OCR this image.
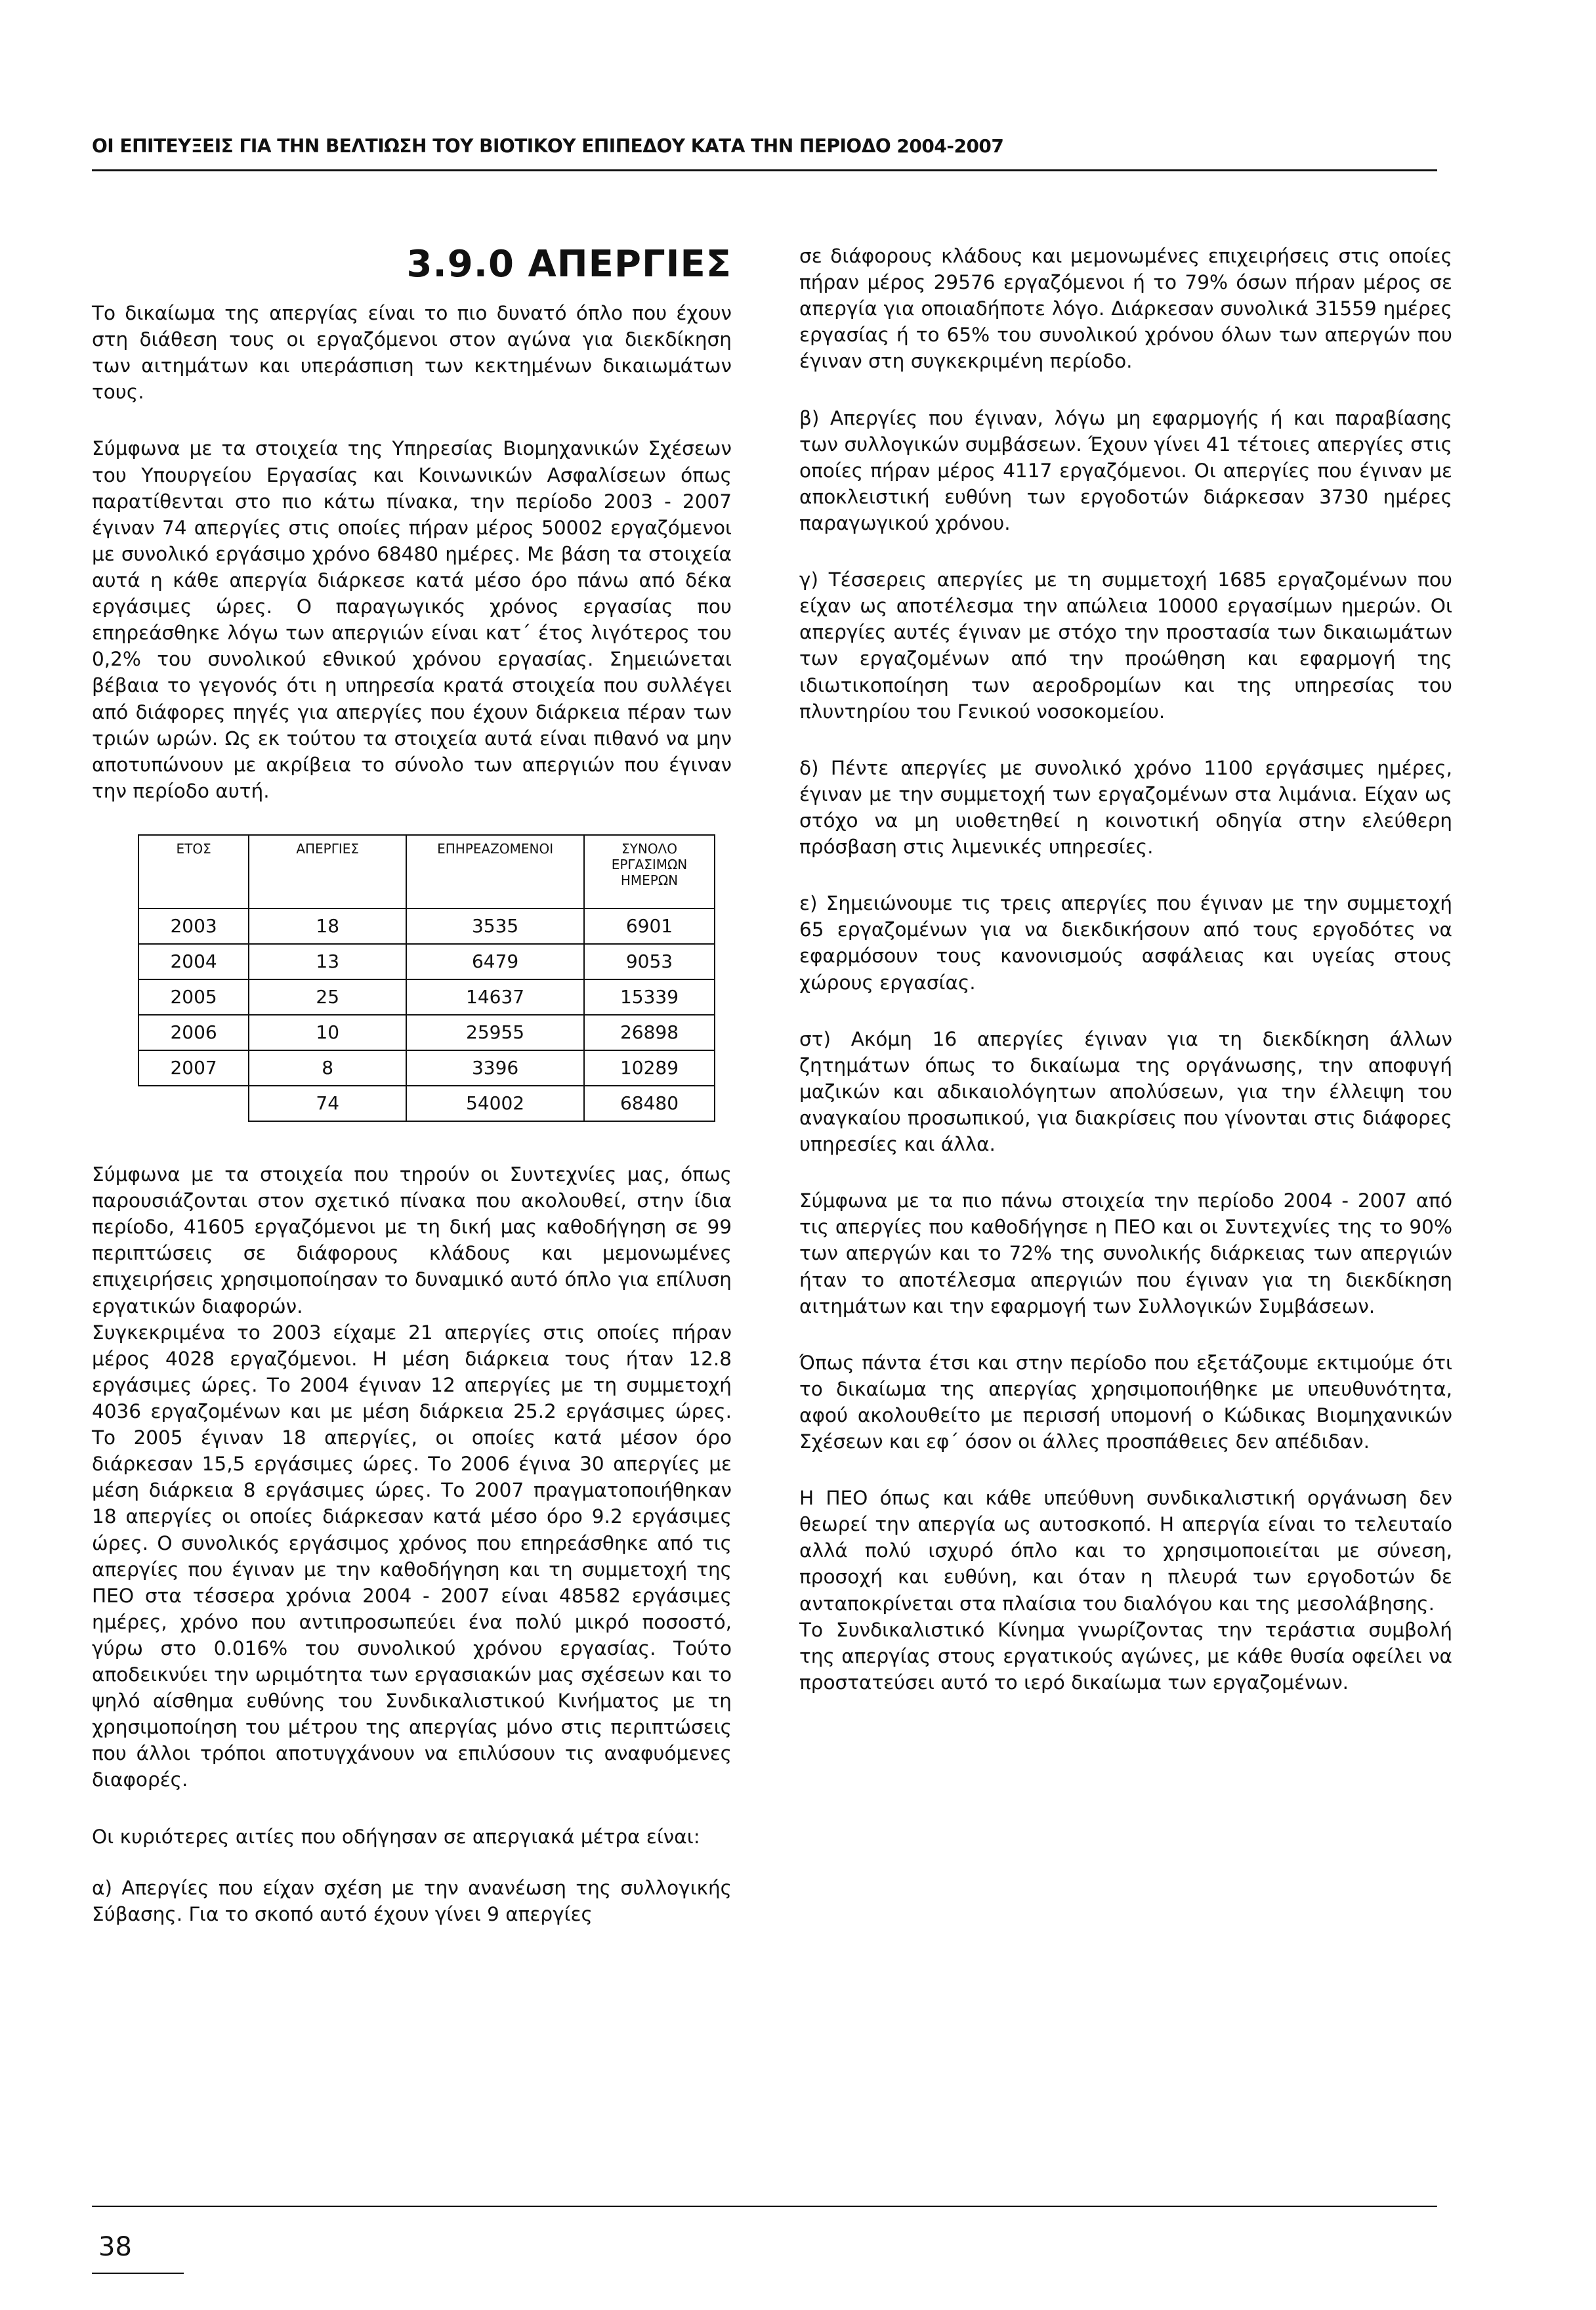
ΟΙ ΕΠΙΤΕΥΞΕΙΣ ΓΙΑ ΤΗΝ ΒΕΛΤΙΩΣΗ ΤΟΥ ΒΙΟΤΙΚΟΥ ΕΠΙΠΕΔΟΥ ΚΑΤΑ ΤΗΝ ΠΕΡΙΟΔΟ 2004-2007
3.9.0 ΑΠΕΡΓΙΕΣ

Το δικαίωμα της απεργίας είναι το πιο δυνατό όπλο που έχουν στη διάθεση τους οι εργαζόμενοι στον αγώνα για διεκδίκηση των αιτημάτων και υπεράσπιση των κεκτημένων δικαιωμάτων τους.

Σύμφωνα με τα στοιχεία της Υπηρεσίας Βιομηχανικών Σχέσεων του Υπουργείου Εργασίας και Κοινωνικών Ασφαλίσεων όπως παρατίθενται στο πιο κάτω πίνακα, την περίοδο 2003 - 2007 έγιναν 74 απεργίες στις οποίες πήραν μέρος 50002 εργαζόμενοι με συνολικό εργάσιμο χρόνο 68480 ημέρες. Με βάση τα στοιχεία αυτά η κάθε απεργία διάρκεσε κατά μέσο όρο πάνω από δέκα εργάσιμες ώρες. Ο παραγωγικός χρόνος εργασίας που επηρεάσθηκε λόγω των απεργιών είναι κατ΄ έτος λιγότερος του 0,2% του συνολικού εθνικού χρόνου εργασίας. Σημειώνεται βέβαια το γεγονός ότι η υπηρεσία κρατά στοιχεία που συλλέγει από διάφορες πηγές για απεργίες που έχουν διάρκεια πέραν των τριών ωρών. Ως εκ τούτου τα στοιχεία αυτά είναι πιθανό να μην αποτυπώνουν με ακρίβεια το σύνολο των απεργιών που έγιναν την περίοδο αυτή.

ΕΤΟΣ	ΑΠΕΡΓΙΕΣ	ΕΠΗΡΕΑΖΟΜΕΝΟΙ	ΣΥΝΟΛΟ ΕΡΓΑΣΙΜΩΝ ΗΜΕΡΩΝ
2003	18	3535	6901
2004	13	6479	9053
2005	25	14637	15339
2006	10	25955	26898
2007	8	3396	10289
	74	54002	68480

Σύμφωνα με τα στοιχεία που τηρούν οι Συντεχνίες μας, όπως παρουσιάζονται στον σχετικό πίνακα που ακολουθεί, στην ίδια περίοδο, 41605 εργαζόμενοι με τη δική μας καθοδήγηση σε 99 περιπτώσεις σε διάφορους κλάδους και μεμονωμένες επιχειρήσεις χρησιμοποίησαν το δυναμικό αυτό όπλο για επίλυση εργατικών διαφορών.

Συγκεκριμένα το 2003 είχαμε 21 απεργίες στις οποίες πήραν μέρος 4028 εργαζόμενοι. Η μέση διάρκεια τους ήταν 12.8 εργάσιμες ώρες. Το 2004 έγιναν 12 απεργίες με τη συμμετοχή 4036 εργαζομένων και με μέση διάρκεια 25.2 εργάσιμες ώρες. Το 2005 έγιναν 18 απεργίες, οι οποίες κατά μέσον όρο διάρκεσαν 15,5 εργάσιμες ώρες. Το 2006 έγινα 30 απεργίες με μέση διάρκεια 8 εργάσιμες ώρες. Το 2007 πραγματοποιήθηκαν 18 απεργίες οι οποίες διάρκεσαν κατά μέσο όρο 9.2 εργάσιμες ώρες. Ο συνολικός εργάσιμος χρόνος που επηρεάσθηκε από τις απεργίες που έγιναν με την καθοδήγηση και τη συμμετοχή της ΠΕΟ στα τέσσερα χρόνια 2004 - 2007 είναι 48582 εργάσιμες ημέρες, χρόνο που αντιπροσωπεύει ένα πολύ μικρό ποσοστό, γύρω στο 0.016% του συνολικού χρόνου εργασίας. Τούτο αποδεικνύει την ωριμότητα των εργασιακών μας σχέσεων και το ψηλό αίσθημα ευθύνης του Συνδικαλιστικού Κινήματος με τη χρησιμοποίηση του μέτρου της απεργίας μόνο στις περιπτώσεις που άλλοι τρόποι αποτυγχάνουν να επιλύσουν τις αναφυόμενες διαφορές.

Οι κυριότερες αιτίες που οδήγησαν σε απεργιακά μέτρα είναι:

α) Απεργίες που είχαν σχέση με την ανανέωση της συλλογικής Σύβασης. Για το σκοπό αυτό έχουν γίνει 9 απεργίες

σε διάφορους κλάδους και μεμονωμένες επιχειρήσεις στις οποίες πήραν μέρος 29576 εργαζόμενοι ή το 79% όσων πήραν μέρος σε απεργία για οποιαδήποτε λόγο. Διάρκεσαν συνολικά 31559 ημέρες εργασίας ή το 65% του συνολικού χρόνου όλων των απεργών που έγιναν στη συγκεκριμένη περίοδο.

β) Απεργίες που έγιναν, λόγω μη εφαρμογής ή και παραβίασης των συλλογικών συμβάσεων. Έχουν γίνει 41 τέτοιες απεργίες στις οποίες πήραν μέρος 4117 εργαζόμενοι. Οι απεργίες που έγιναν με αποκλειστική ευθύνη των εργοδοτών διάρκεσαν 3730 ημέρες παραγωγικού χρόνου.

γ) Τέσσερεις απεργίες με τη συμμετοχή 1685 εργαζομένων που είχαν ως αποτέλεσμα την απώλεια 10000 εργασίμων ημερών. Οι απεργίες αυτές έγιναν με στόχο την προστασία των δικαιωμάτων των εργαζομένων από την προώθηση και εφαρμογή της ιδιωτικοποίηση των αεροδρομίων και της υπηρεσίας του πλυντηρίου του Γενικού νοσοκομείου.

δ) Πέντε απεργίες με συνολικό χρόνο 1100 εργάσιμες ημέρες, έγιναν με την συμμετοχή των εργαζομένων στα λιμάνια. Είχαν ως στόχο να μη υιοθετηθεί η κοινοτική οδηγία στην ελεύθερη πρόσβαση στις λιμενικές υπηρεσίες.

ε) Σημειώνουμε τις τρεις απεργίες που έγιναν με την συμμετοχή 65 εργαζομένων για να διεκδικήσουν από τους εργοδότες να εφαρμόσουν τους κανονισμούς ασφάλειας και υγείας στους χώρους εργασίας.

στ) Ακόμη 16 απεργίες έγιναν για τη διεκδίκηση άλλων ζητημάτων όπως το δικαίωμα της οργάνωσης, την αποφυγή μαζικών και αδικαιολόγητων απολύσεων, για την έλλειψη του αναγκαίου προσωπικού, για διακρίσεις που γίνονται στις διάφορες υπηρεσίες και άλλα.

Σύμφωνα με τα πιο πάνω στοιχεία την περίοδο 2004 - 2007 από τις απεργίες που καθοδήγησε η ΠΕΟ και οι Συντεχνίες της το 90% των απεργών και το 72% της συνολικής διάρκειας των απεργιών ήταν το αποτέλεσμα απεργιών που έγιναν για τη διεκδίκηση αιτημάτων και την εφαρμογή των Συλλογικών Συμβάσεων.

Όπως πάντα έτσι και στην περίοδο που εξετάζουμε εκτιμούμε ότι το δικαίωμα της απεργίας χρησιμοποιήθηκε με υπευθυνότητα, αφού ακολουθείτο με περισσή υπομονή ο Κώδικας Βιομηχανικών Σχέσεων και εφ΄ όσον οι άλλες προσπάθειες δεν απέδιδαν.

Η ΠΕΟ όπως και κάθε υπεύθυνη συνδικαλιστική οργάνωση δεν θεωρεί την απεργία ως αυτοσκοπό. Η απεργία είναι το τελευταίο αλλά πολύ ισχυρό όπλο και το χρησιμοποιείται με σύνεση, προσοχή και ευθύνη, και όταν η πλευρά των εργοδοτών δε ανταποκρίνεται στα πλαίσια του διαλόγου και της μεσολάβησης.

Το Συνδικαλιστικό Κίνημα γνωρίζοντας την τεράστια συμβολή της απεργίας στους εργατικούς αγώνες, με κάθε θυσία οφείλει να προστατεύσει αυτό το ιερό δικαίωμα των εργαζομένων.

38
